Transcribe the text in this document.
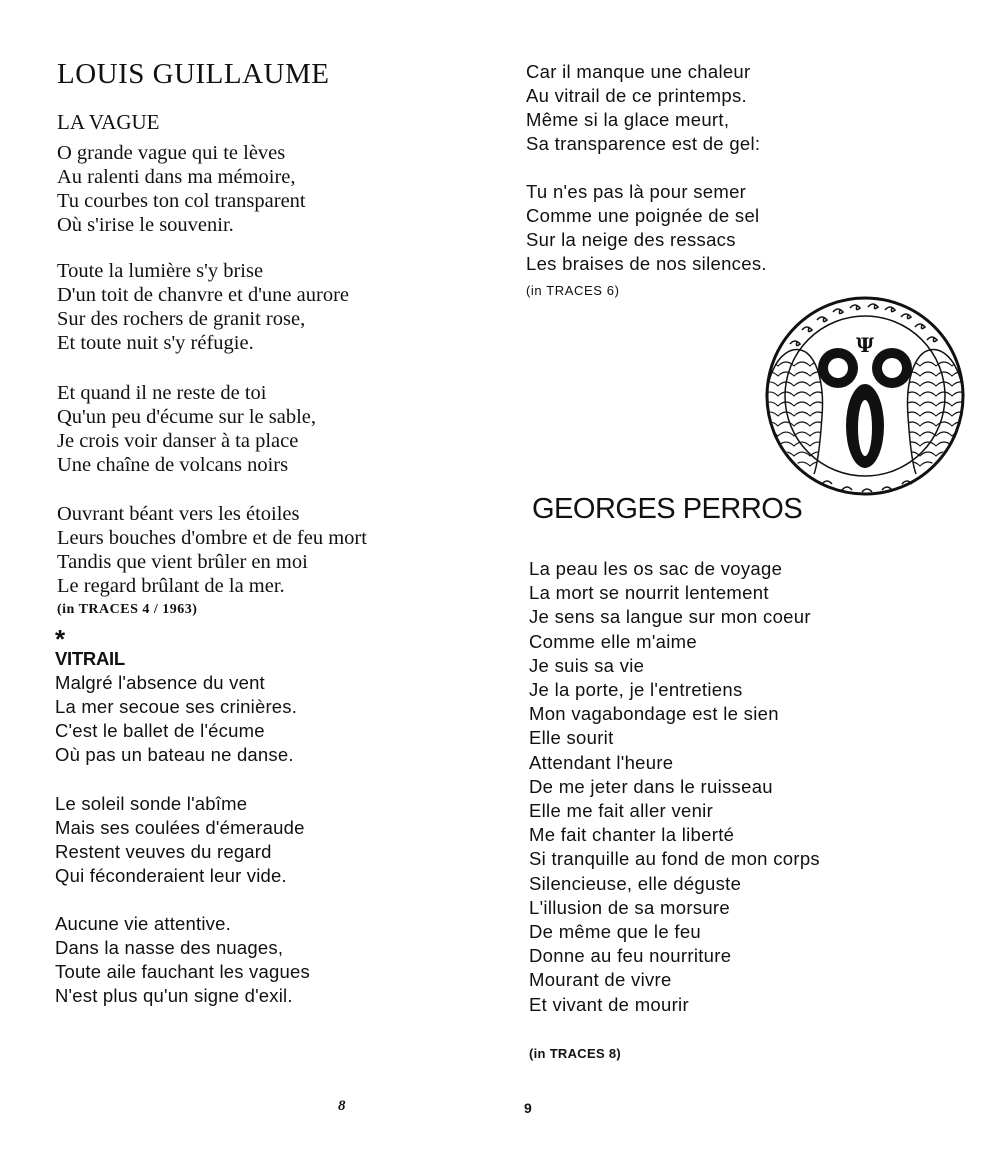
LOUIS GUILLAUME
LA VAGUE
O grande vague qui te lèves
Au ralenti dans ma mémoire,
Tu courbes ton col transparent
Où s'irise le souvenir.
Toute la lumière s'y brise
D'un toit de chanvre et d'une aurore
Sur des rochers de granit rose,
Et toute nuit s'y réfugie.
Et quand il ne reste de toi
Qu'un peu d'écume sur le sable,
Je crois voir danser à ta place
Une chaîne de volcans noirs
Ouvrant béant vers les étoiles
Leurs bouches d'ombre et de feu mort
Tandis que vient brûler en moi
Le regard brûlant de la mer.
(in TRACES 4 / 1963)
*
VITRAIL
Malgré l'absence du vent
La mer secoue ses crinières.
C'est le ballet de l'écume
Où pas un bateau ne danse.
Le soleil sonde l'abîme
Mais ses coulées d'émeraude
Restent veuves du regard
Qui féconderaient leur vide.
Aucune vie attentive.
Dans la nasse des nuages,
Toute aile fauchant les vagues
N'est plus qu'un signe d'exil.
8
Car il manque une chaleur
Au vitrail de ce printemps.
Même si la glace meurt,
Sa transparence est de gel:
Tu n'es pas là pour semer
Comme une poignée de sel
Sur la neige des ressacs
Les braises de nos silences.
(in TRACES 6)
Ψ
GEORGES PERROS
La peau les os sac de voyage
La mort se nourrit lentement
Je sens sa langue sur mon coeur
Comme elle m'aime
Je suis sa vie
Je la porte, je l'entretiens
Mon vagabondage est le sien
Elle sourit
Attendant l'heure
De me jeter dans le ruisseau
Elle me fait aller venir
Me fait chanter la liberté
Si tranquille au fond de mon corps
Silencieuse, elle déguste
L'illusion de sa morsure
De même que le feu
Donne au feu nourriture
Mourant de vivre
Et vivant de mourir
(in TRACES 8)
9
